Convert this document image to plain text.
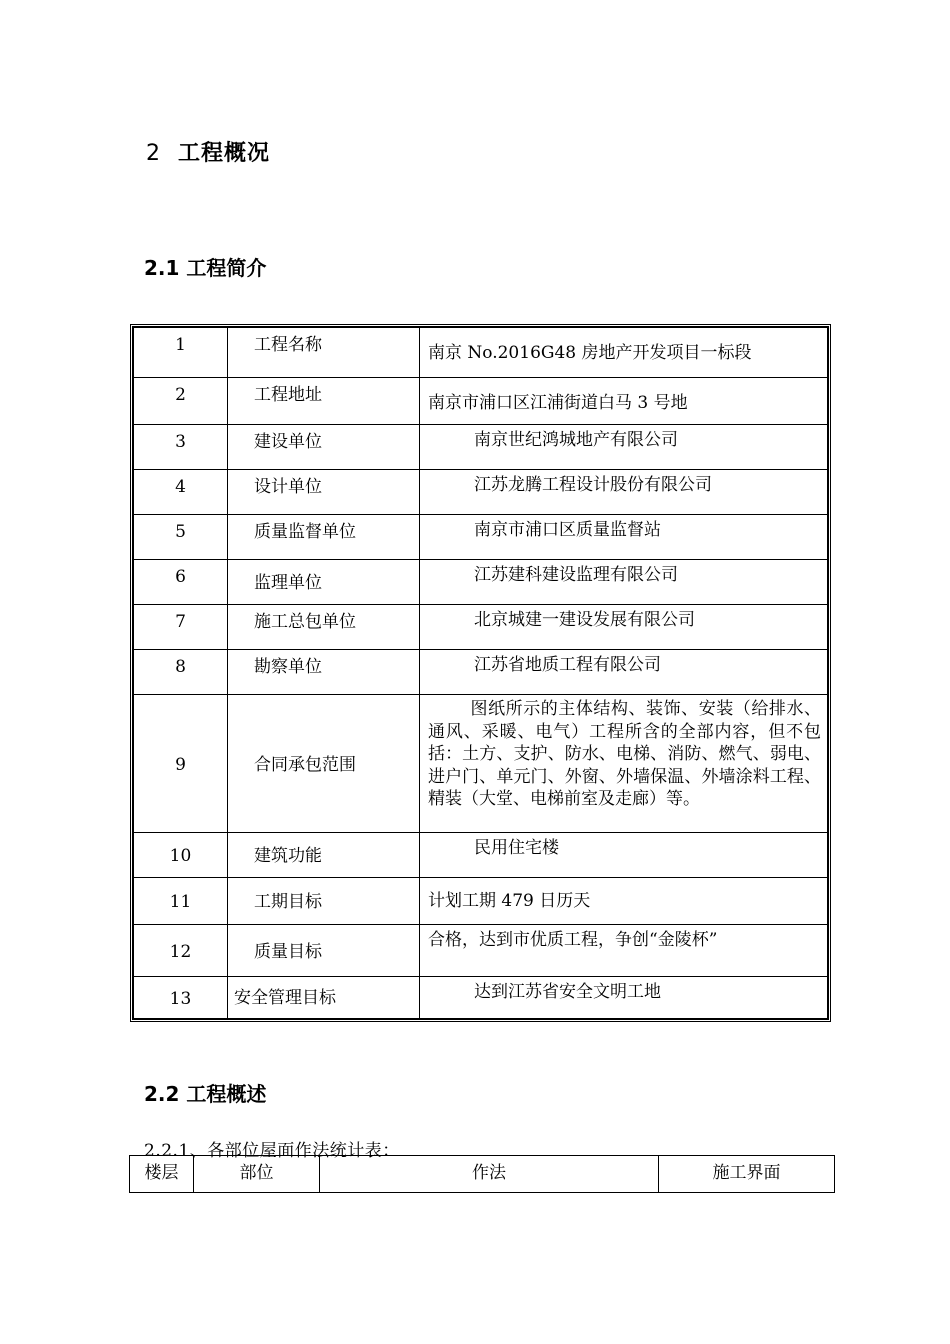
2 工程概况
2.1 工程简介
1	工程名称	南京 No.2016G48 房地产开发项目一标段
2	工程地址	南京市浦口区江浦街道白马 3 号地
3	建设单位	南京世纪鸿城地产有限公司
4	设计单位	江苏龙腾工程设计股份有限公司
5	质量监督单位	南京市浦口区质量监督站
6	监理单位	江苏建科建设监理有限公司
7	施工总包单位	北京城建一建设发展有限公司
8	勘察单位	江苏省地质工程有限公司
9	合同承包范围	图纸所示的主体结构、装饰、安装（给排水、通风、采暖、电气）工程所含的全部内容，但不包括：土方、支护、防水、电梯、消防、燃气、弱电、进户门、单元门、外窗、外墙保温、外墙涂料工程、精装（大堂、电梯前室及走廊）等。
10	建筑功能	民用住宅楼
11	工期目标	计划工期 479 日历天
12	质量目标	合格，达到市优质工程，争创“金陵杯”
13	安全管理目标	达到江苏省安全文明工地
2.2 工程概述
2.2.1、各部位屋面作法统计表：
楼层	部位	作法	施工界面
